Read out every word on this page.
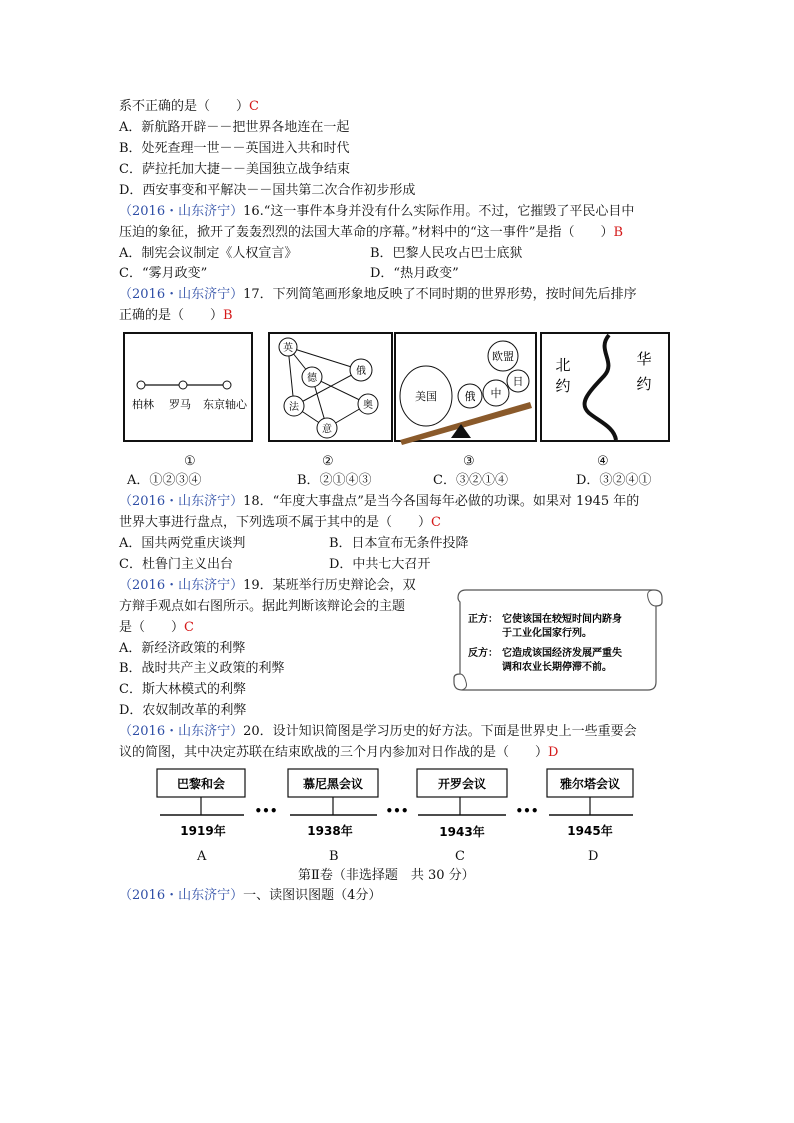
系不正确的是（　　）C
A．新航路开辟－－把世界各地连在一起
B．处死查理一世－－英国进入共和时代
C．萨拉托加大捷－－美国独立战争结束
D．西安事变和平解决－－国共第二次合作初步形成
（2016・山东济宁）16.“这一事件本身并没有什么实际作用。不过，它摧毁了平民心目中
压迫的象征，掀开了轰轰烈烈的法国大革命的序幕。”材料中的“这一事件”是指（　　）B
A．制宪会议制定《人权宣言》	B．巴黎人民攻占巴士底狱
C．“雾月政变”	D．“热月政变”
（2016・山东济宁）17．下列简笔画形象地反映了不同时期的世界形势，按时间先后排序
正确的是（　　）B
柏林 罗马 东京轴心
英
俄
德
法	奥
意
欧盟
美国	俄 中
日
北
约
华
约
①	②	③	④
A．①②③④	B．②①④③	C．③②①④	D．③②④①
（2016・山东济宁）18．“年度大事盘点”是当今各国每年必做的功课。如果对 1945 年的
世界大事进行盘点，下列选项不属于其中的是（　　）C
A．国共两党重庆谈判	B．日本宣布无条件投降
C．杜鲁门主义出台	D．中共七大召开
（2016・山东济宁）19．某班举行历史辩论会，双
方辩手观点如右图所示。据此判断该辩论会的主题
是（　　）C
A．新经济政策的利弊
B．战时共产主义政策的利弊
C．斯大林模式的利弊
D．农奴制改革的利弊
正方： 它使该国在较短时间内跻身
于工业化国家行列。
反方： 它造成该国经济发展严重失
调和农业长期停滞不前。
（2016・山东济宁）20．设计知识简图是学习历史的好方法。下面是世界史上一些重要会
议的简图，其中决定苏联在结束欧战的三个月内参加对日作战的是（　　）D
巴黎和会
1919年
•••
慕尼黑会议
1938年
•••
开罗会议
1943年
•••
雅尔塔会议
1945年
A	B	C	D
第Ⅱ卷（非选择题　共 30 分）
（2016・山东济宁）一、读图识图题（4分）
